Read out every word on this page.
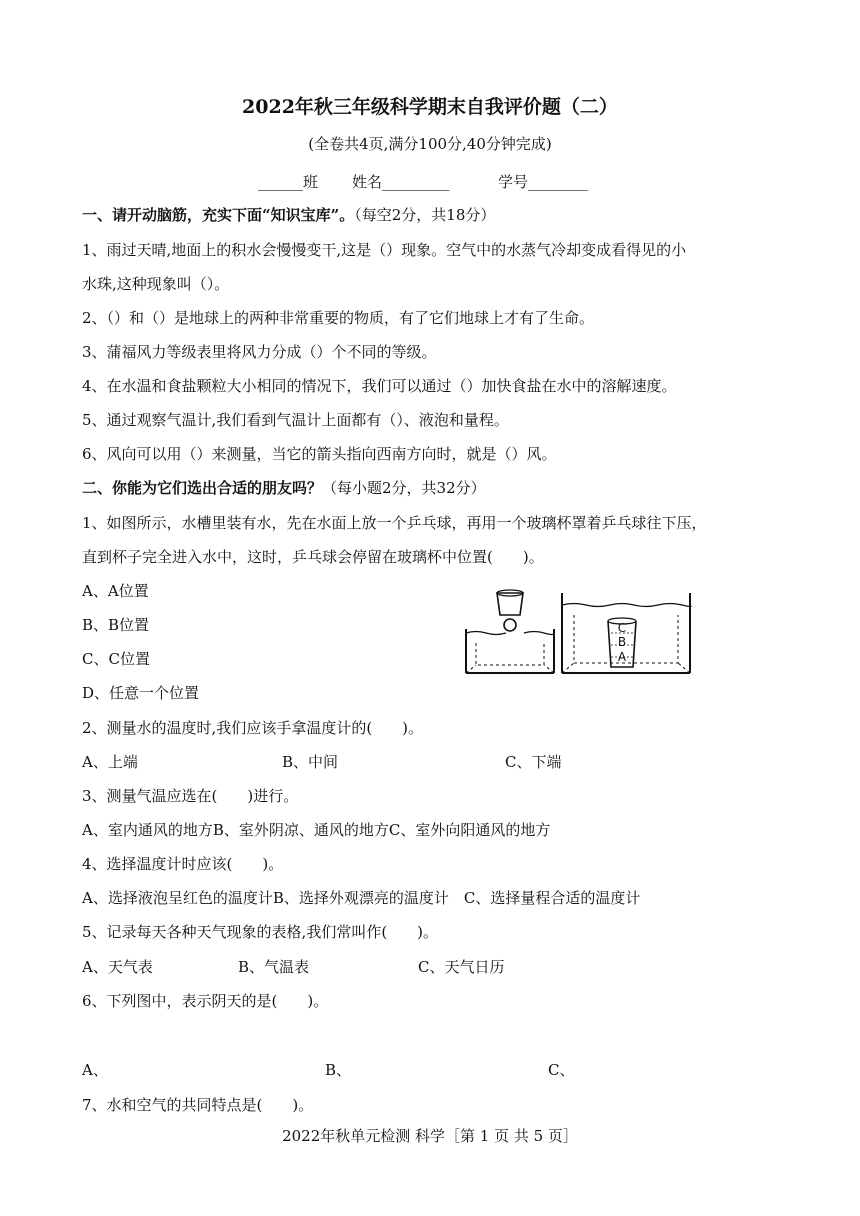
2022年秋三年级科学期末自我评价题（二）
(全卷共4页,满分100分,40分钟完成)
______班 姓名_________	学号________
一、请开动脑筋，充实下面“知识宝库”。（每空2分，共18分）
1、雨过天晴,地面上的积水会慢慢变干,这是（）现象。空气中的水蒸气冷却变成看得见的小
水珠,这种现象叫（）。
2、（）和（）是地球上的两种非常重要的物质，有了它们地球上才有了生命。
3、蒲福风力等级表里将风力分成（）个不同的等级。
4、在水温和食盐颗粒大小相同的情况下，我们可以通过（）加快食盐在水中的溶解速度。
5、通过观察气温计,我们看到气温计上面都有（）、液泡和量程。
6、风向可以用（）来测量，当它的箭头指向西南方向时，就是（）风。
二、你能为它们选出合适的朋友吗？（每小题2分，共32分）
1、如图所示，水槽里装有水，先在水面上放一个乒乓球，再用一个玻璃杯罩着乒乓球往下压，
直到杯子完全进入水中，这时，乒乓球会停留在玻璃杯中位置(　　)。
A、A位置
B、B位置
C、C位置
D、任意一个位置
C
B
A
2、测量水的温度时,我们应该手拿温度计的(　　)。
A、上端	B、中间	C、下端
3、测量气温应选在(　　)进行。
A、室内通风的地方B、室外阴凉、通风的地方C、室外向阳通风的地方
4、选择温度计时应该(　　)。
A、选择液泡呈红色的温度计B、选择外观漂亮的温度计　C、选择量程合适的温度计
5、记录每天各种天气现象的表格,我们常叫作(　　)。
A、天气表	B、气温表	C、天气日历
6、下列图中，表示阴天的是(　　)。
A、	B、	C、
7、水和空气的共同特点是(　　)。
2022年秋单元检测 科学［第 1 页 共 5 页］
